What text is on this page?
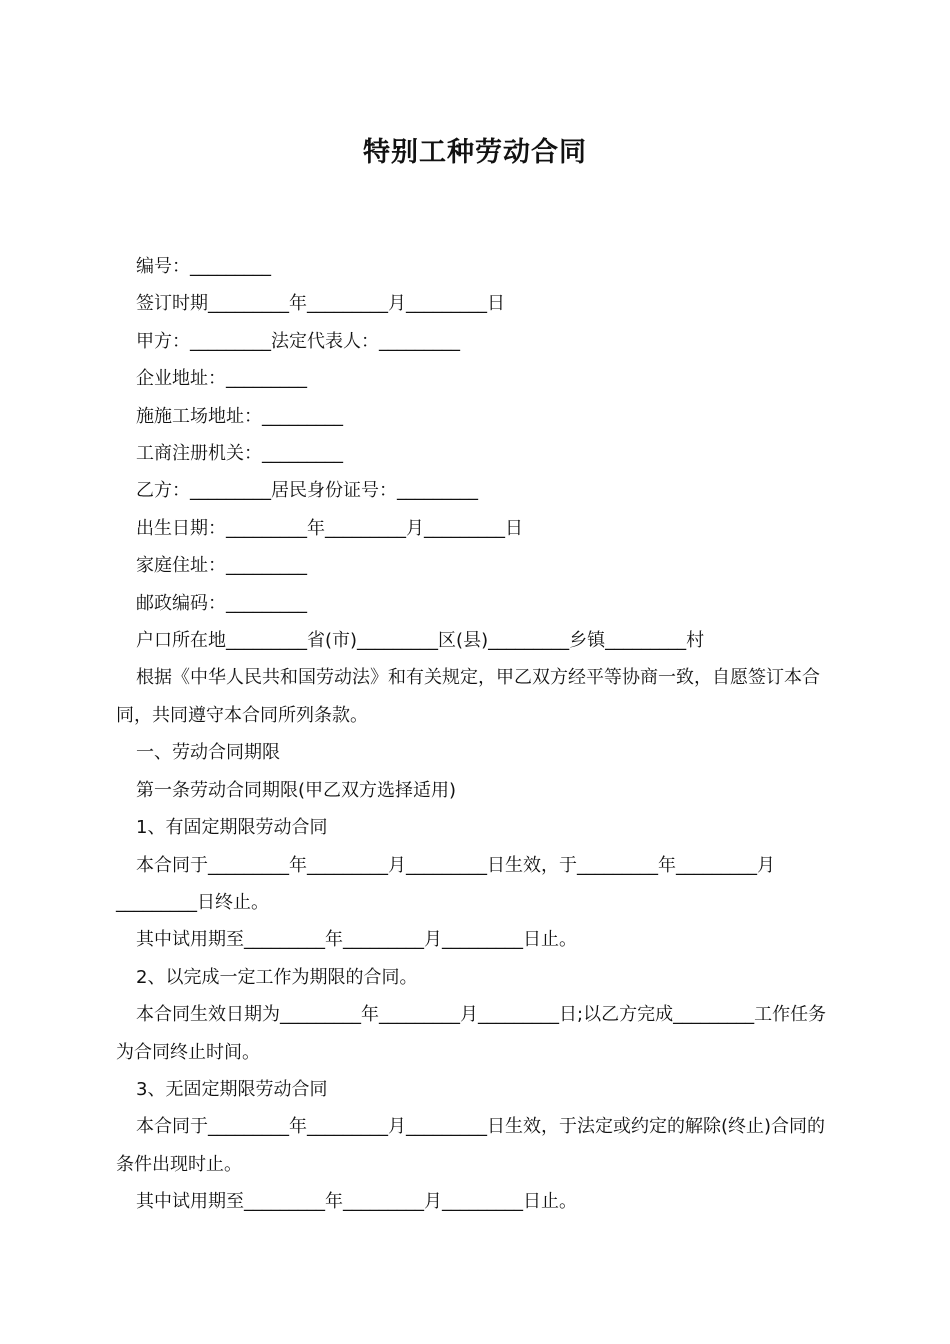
特别工种劳动合同
编号：_________
签订时期_________年_________月_________日
甲方：_________法定代表人：_________
企业地址：_________
施施工场地址：_________
工商注册机关：_________
乙方：_________居民身份证号：_________
出生日期：_________年_________月_________日
家庭住址：_________
邮政编码：_________
户口所在地_________省(市)_________区(县)_________乡镇_________村
根据《中华人民共和国劳动法》和有关规定，甲乙双方经平等协商一致，自愿签订本合同，共同遵守本合同所列条款。
一、劳动合同期限
第一条劳动合同期限(甲乙双方选择适用)
1、有固定期限劳动合同
本合同于_________年_________月_________日生效，于_________年_________月_________日终止。
其中试用期至_________年_________月_________日止。
2、以完成一定工作为期限的合同。
本合同生效日期为_________年_________月_________日;以乙方完成_________工作任务为合同终止时间。
3、无固定期限劳动合同
本合同于_________年_________月_________日生效，于法定或约定的解除(终止)合同的条件出现时止。
其中试用期至_________年_________月_________日止。
